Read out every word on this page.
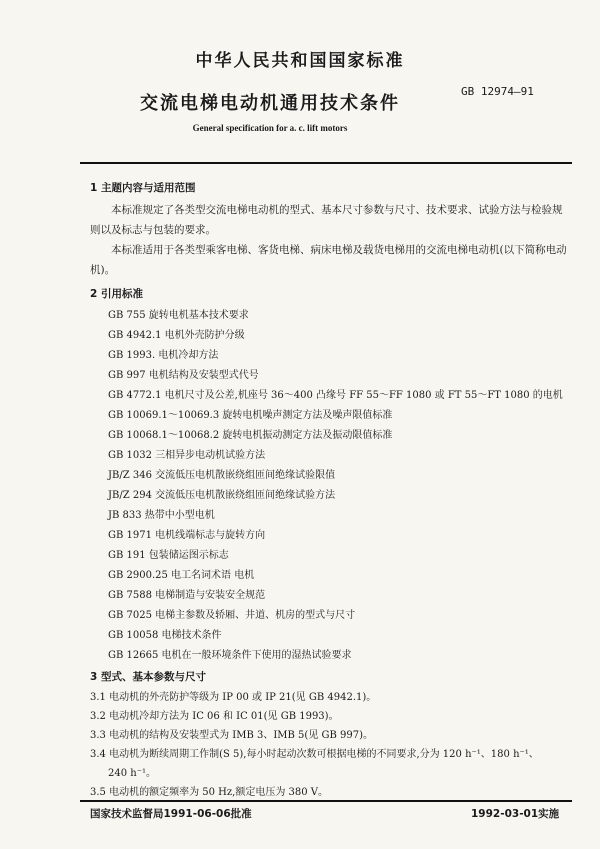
中华人民共和国国家标准
GB 12974—91
交流电梯电动机通用技术条件
General specification for a. c. lift motors
1 主题内容与适用范围
本标准规定了各类型交流电梯电动机的型式、基本尺寸参数与尺寸、技术要求、试验方法与检验规则以及标志与包装的要求。
本标准适用于各类型乘客电梯、客货电梯、病床电梯及载货电梯用的交流电梯电动机(以下简称电动机)。
2 引用标准
GB 755 旋转电机基本技术要求
GB 4942.1 电机外壳防护分级
GB 1993. 电机冷却方法
GB 997 电机结构及安装型式代号
GB 4772.1 电机尺寸及公差,机座号 36～400 凸缘号 FF 55～FF 1080 或 FT 55～FT 1080 的电机
GB 10069.1～10069.3 旋转电机噪声测定方法及噪声限值标准
GB 10068.1～10068.2 旋转电机振动测定方法及振动限值标准
GB 1032 三相异步电动机试验方法
JB/Z 346 交流低压电机散嵌绕组匝间绝缘试验限值
JB/Z 294 交流低压电机散嵌绕组匝间绝缘试验方法
JB 833 热带中小型电机
GB 1971 电机线端标志与旋转方向
GB 191 包装储运图示标志
GB 2900.25 电工名词术语 电机
GB 7588 电梯制造与安装安全规范
GB 7025 电梯主参数及轿厢、井道、机房的型式与尺寸
GB 10058 电梯技术条件
GB 12665 电机在一般环境条件下使用的湿热试验要求
3 型式、基本参数与尺寸
3.1 电动机的外壳防护等级为 IP 00 或 IP 21(见 GB 4942.1)。
3.2 电动机冷却方法为 IC 06 和 IC 01(见 GB 1993)。
3.3 电动机的结构及安装型式为 IMB 3、IMB 5(见 GB 997)。
3.4 电动机为断续周期工作制(S 5),每小时起动次数可根据电梯的不同要求,分为 120 h⁻¹、180 h⁻¹、
240 h⁻¹。
3.5 电动机的额定频率为 50 Hz,额定电压为 380 V。
国家技术监督局1991-06-06批准	1992-03-01实施
